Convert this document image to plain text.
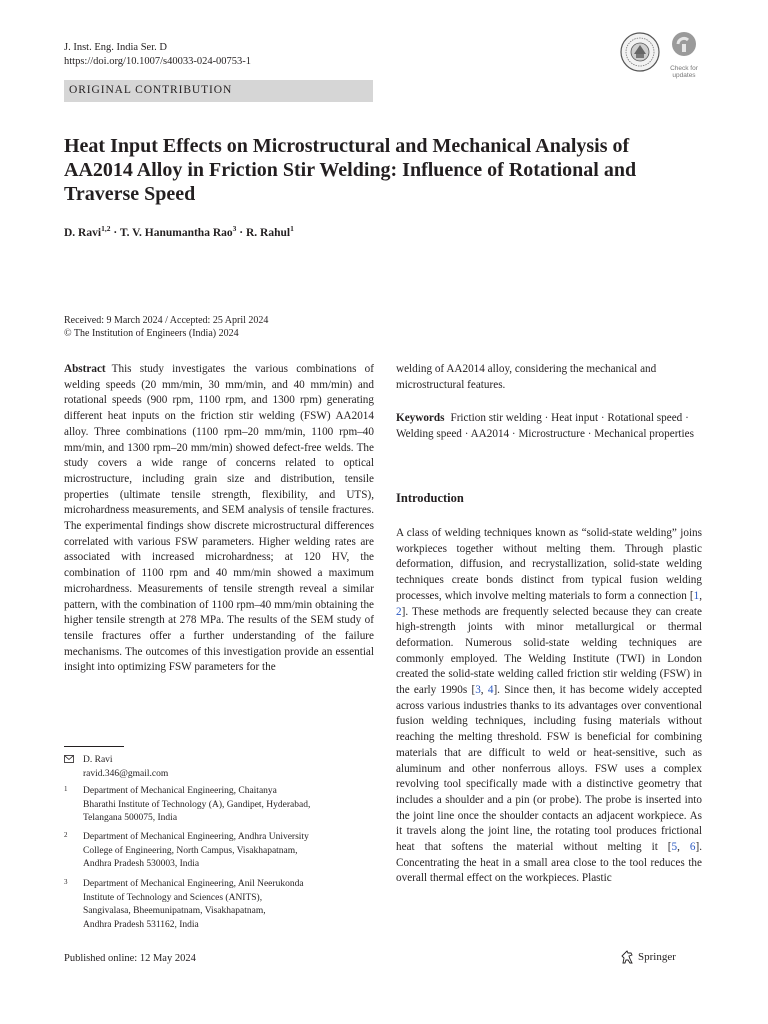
J. Inst. Eng. India Ser. D
https://doi.org/10.1007/s40033-024-00753-1
Check for updates
ORIGINAL CONTRIBUTION
Heat Input Effects on Microstructural and Mechanical Analysis of AA2014 Alloy in Friction Stir Welding: Influence of Rotational and Traverse Speed
D. Ravi$^{1,2}$ · T. V. Hanumantha Rao$^3$ · R. Rahul$^1$
Received: 9 March 2024 / Accepted: 25 April 2024
© The Institution of Engineers (India) 2024

Abstract This study investigates the various combinations of welding speeds (20 mm/min, 30 mm/min, and 40 mm/min) and rotational speeds (900 rpm, 1100 rpm, and 1300 rpm) generating different heat inputs on the friction stir welding (FSW) AA2014 alloy. Three combinations (1100 rpm–20 mm/min, 1100 rpm–40 mm/min, and 1300 rpm–20 mm/min) showed defect-free welds. The study covers a wide range of concerns related to optical microstructure, including grain size and distribution, tensile properties (ultimate tensile strength, flexibility, and UTS), microhardness measurements, and SEM analysis of tensile fractures. The experimental findings show discrete microstructural differences correlated with various FSW parameters. Higher welding rates are associated with increased microhardness; at 120 HV, the combination of 1100 rpm and 40 mm/min showed a maximum microhardness. Measurements of tensile strength reveal a similar pattern, with the combination of 1100 rpm–40 mm/min obtaining the higher tensile strength at 278 MPa. The results of the SEM study of tensile fractures offer a further understanding of the failure mechanisms. The outcomes of this investigation provide an essential insight into optimizing FSW parameters for the

welding of AA2014 alloy, considering the mechanical and microstructural features.
Keywords Friction stir welding · Heat input · Rotational speed · Welding speed · AA2014 · Microstructure · Mechanical properties
Introduction

A class of welding techniques known as “solid-state welding” joins workpieces together without melting them. Through plastic deformation, diffusion, and recrystallization, solid-state welding techniques create bonds distinct from typical fusion welding processes, which involve melting materials to form a connection [1, 2]. These methods are frequently selected because they can create high-strength joints with minor metallurgical or thermal deformation. Numerous solid-state welding techniques are commonly employed. The Welding Institute (TWI) in London created the solid-state welding called friction stir welding (FSW) in the early 1990s [3, 4]. Since then, it has become widely accepted across various industries thanks to its advantages over conventional fusion welding techniques, including fusing materials without reaching the melting threshold. FSW is beneficial for combining materials that are difficult to weld or heat-sensitive, such as aluminum and other nonferrous alloys. FSW uses a complex revolving tool specifically made with a distinctive geometry that includes a shoulder and a pin (or probe). The probe is inserted into the joint line once the shoulder contacts an adjacent workpiece. As it travels along the joint line, the rotating tool produces frictional heat that softens the material without melting it [5, 6]. Concentrating the heat in a small area close to the tool reduces the overall thermal effect on the workpieces. Plastic

D. Ravi
ravid.346@gmail.com
1 Department of Mechanical Engineering, Chaitanya
Bharathi Institute of Technology (A), Gandipet, Hyderabad,
Telangana 500075, India
2 Department of Mechanical Engineering, Andhra University
College of Engineering, North Campus, Visakhapatnam,
Andhra Pradesh 530003, India
3 Department of Mechanical Engineering, Anil Neerukonda
Institute of Technology and Sciences (ANITS),
Sangivalasa, Bheemunipatnam, Visakhapatnam,
Andhra Pradesh 531162, India
Published online: 12 May 2024	Springer
